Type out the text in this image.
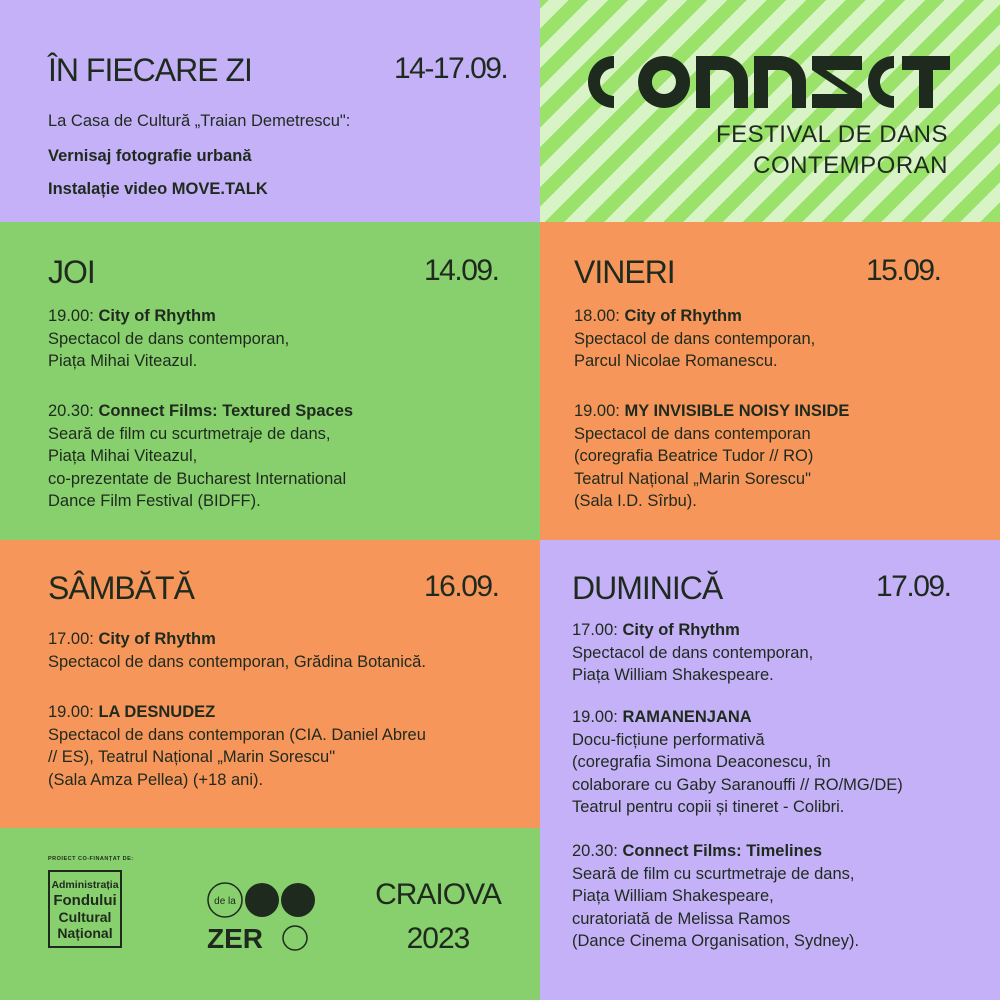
ÎN FIECARE ZI	14-17.09.
La Casa de Cultură „Traian Demetrescu":
Vernisaj fotografie urbană
Instalație video MOVE.TALK
FESTIVAL DE DANS
CONTEMPORAN
JOI	14.09.
19.00: City of Rhythm
Spectacol de dans contemporan,
Piața Mihai Viteazul.
20.30: Connect Films: Textured Spaces
Seară de film cu scurtmetraje de dans,
Piața Mihai Viteazul,
co-prezentate de Bucharest International
Dance Film Festival (BIDFF).
VINERI	15.09.
18.00: City of Rhythm
Spectacol de dans contemporan,
Parcul Nicolae Romanescu.
19.00: MY INVISIBLE NOISY INSIDE
Spectacol de dans contemporan
(coregrafia Beatrice Tudor // RO)
Teatrul Național „Marin Sorescu"
(Sala I.D. Sîrbu).
SÂMBĂTĂ	16.09.
17.00: City of Rhythm
Spectacol de dans contemporan, Grădina Botanică.
19.00: LA DESNUDEZ
Spectacol de dans contemporan (CIA. Daniel Abreu
// ES), Teatrul Național „Marin Sorescu"
(Sala Amza Pellea) (+18 ani).
DUMINICĂ	17.09.
17.00: City of Rhythm
Spectacol de dans contemporan,
Piața William Shakespeare.
19.00: RAMANENJANA
Docu-ficțiune performativă
(coregrafia Simona Deaconescu, în
colaborare cu Gaby Saranouffi // RO/MG/DE)
Teatrul pentru copii și tineret - Colibri.
20.30: Connect Films: Timelines
Seară de film cu scurtmetraje de dans,
Piața William Shakespeare,
curatoriată de Melissa Ramos
(Dance Cinema Organisation, Sydney).
PROIECT CO-FINANȚAT DE:
Administrația
Fondului
Cultural
Național
de la
ZER
CRAIOVA
2023
